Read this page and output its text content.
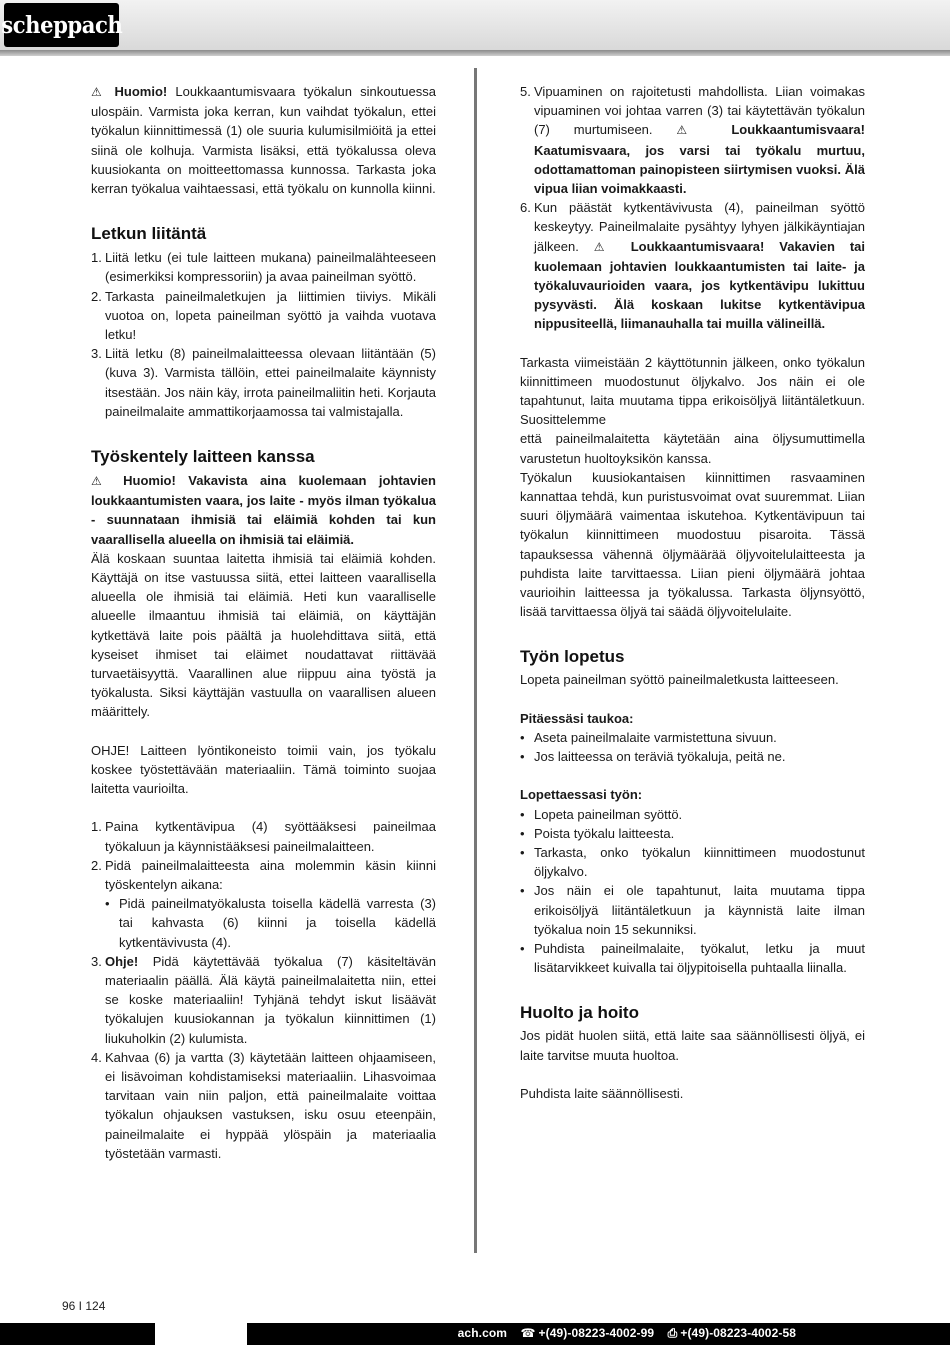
scheppach

⚠ Huomio! Loukkaantumisvaara työkalun sinkoutuessa ulospäin. Varmista joka kerran, kun vaihdat työkalun, ettei työkalun kiinnittimessä (1) ole suuria kulumisilmiöitä ja ettei siinä ole kolhuja. Varmista lisäksi, että työkalussa oleva kuusiokanta on moitteettomassa kunnossa. Tarkasta joka kerran työkalua vaihtaessasi, että työkalu on kunnolla kiinni.

Letkun liitäntä
1. Liitä letku (ei tule laitteen mukana) paineilmalähteeseen (esimerkiksi kompressoriin) ja avaa paineilman syöttö.
2. Tarkasta paineilmaletkujen ja liittimien tiiviys. Mikäli vuotoa on, lopeta paineilman syöttö ja vaihda vuotava letku!
3. Liitä letku (8) paineilmalaitteessa olevaan liitäntään (5) (kuva 3). Varmista tällöin, ettei paineilmalaite käynnisty itsestään. Jos näin käy, irrota paineilmaliitin heti. Korjauta paineilmalaite ammattikorjaamossa tai valmistajalla.
Työskentely laitteen kanssa

⚠ Huomio! Vakavista aina kuolemaan johtavien loukkaantumisten vaara, jos laite - myös ilman työkalua - suunnataan ihmisiä tai eläimiä kohden tai kun vaarallisella alueella on ihmisiä tai eläimiä.

Älä koskaan suuntaa laitetta ihmisiä tai eläimiä kohden. Käyttäjä on itse vastuussa siitä, ettei laitteen vaarallisella alueella ole ihmisiä tai eläimiä. Heti kun vaaralliselle alueelle ilmaantuu ihmisiä tai eläimiä, on käyttäjän kytkettävä laite pois päältä ja huolehdittava siitä, että kyseiset ihmiset tai eläimet noudattavat riittävää turvaetäisyyttä. Vaarallinen alue riippuu aina työstä ja työkalusta. Siksi käyttäjän vastuulla on vaarallisen alueen määrittely.

OHJE! Laitteen lyöntikoneisto toimii vain, jos työkalu koskee työstettävään materiaaliin. Tämä toiminto suojaa laitetta vaurioilta.

1. Paina kytkentävipua (4) syöttääksesi paineilmaa työkaluun ja käynnistääksesi paineilmalaitteen.
2. Pidä paineilmalaitteesta aina molemmin käsin kiinni työskentelyn aikana:
• Pidä paineilmatyökalusta toisella kädellä varresta (3) tai kahvasta (6) kiinni ja toisella kädellä kytkentävivusta (4).
3. Ohje! Pidä käytettävää työkalua (7) käsiteltävän materiaalin päällä. Älä käytä paineilmalaitetta niin, ettei se koske materiaaliin! Tyhjänä tehdyt iskut lisäävät työkalujen kuusiokannan ja työkalun kiinnittimen (1) liukuholkin (2) kulumista.
4. Kahvaa (6) ja vartta (3) käytetään laitteen ohjaamiseen, ei lisävoiman kohdistamiseksi materiaaliin. Lihasvoimaa tarvitaan vain niin paljon, että paineilmalaite voittaa työkalun ohjauksen vastuksen, isku osuu eteenpäin, paineilmalaite ei hyppää ylöspäin ja materiaalia työstetään varmasti.
5. Vipuaminen on rajoitetusti mahdollista. Liian voimakas vipuaminen voi johtaa varren (3) tai käytettävän työkalun (7) murtumiseen. ⚠ Loukkaantumisvaara! Kaatumisvaara, jos varsi tai työkalu murtuu, odottamattoman painopisteen siirtymisen vuoksi. Älä vipua liian voimakkaasti.
6. Kun päästät kytkentävivusta (4), paineilman syöttö keskeytyy. Paineilmalaite pysähtyy lyhyen jälkikäyntiajan jälkeen. ⚠ Loukkaantumisvaara! Vakavien tai kuolemaan johtavien loukkaantumisten tai laite- ja työkaluvaurioiden vaara, jos kytkentävipu lukittuu pysyvästi. Älä koskaan lukitse kytkentävipua nippusiteellä, liimanauhalla tai muilla välineillä.

Tarkasta viimeistään 2 käyttötunnin jälkeen, onko työkalun kiinnittimeen muodostunut öljykalvo. Jos näin ei ole tapahtunut, laita muutama tippa erikoisöljyä liitäntäletkuun. Suosittelemme

että paineilmalaitetta käytetään aina öljysumuttimella varustetun huoltoyksikön kanssa.

Työkalun kuusiokantaisen kiinnittimen rasvaaminen kannattaa tehdä, kun puristusvoimat ovat suuremmat. Liian suuri öljymäärä vaimentaa iskutehoa. Kytkentävipuun tai työkalun kiinnittimeen muodostuu pisaroita. Tässä tapauksessa vähennä öljymäärää öljyvoitelulaitteesta ja puhdista laite tarvittaessa. Liian pieni öljymäärä johtaa vaurioihin laitteessa ja työkalussa. Tarkasta öljynsyöttö, lisää tarvittaessa öljyä tai säädä öljyvoitelulaite.

Työn lopetus

Lopeta paineilman syöttö paineilmaletkusta laitteeseen.

Pitäessäsi taukoa:

• Aseta paineilmalaite varmistettuna sivuun.
• Jos laitteessa on teräviä työkaluja, peitä ne.

Lopettaessasi työn:

• Lopeta paineilman syöttö.
• Poista työkalu laitteesta.
• Tarkasta, onko työkalun kiinnittimeen muodostunut öljykalvo.
• Jos näin ei ole tapahtunut, laita muutama tippa erikoisöljyä liitäntäletkuun ja käynnistä laite ilman työkalua noin 15 sekunniksi.
• Puhdista paineilmalaite, työkalut, letku ja muut lisätarvikkeet kuivalla tai öljypitoisella puhtaalla liinalla.
Huolto ja hoito

Jos pidät huolen siitä, että laite saa säännöllisesti öljyä, ei laite tarvitse muuta huoltoa.

Puhdista laite säännöllisesti.

96 I 124
ach.com ☎ +(49)-08223-4002-99 ⎙ +(49)-08223-4002-58
